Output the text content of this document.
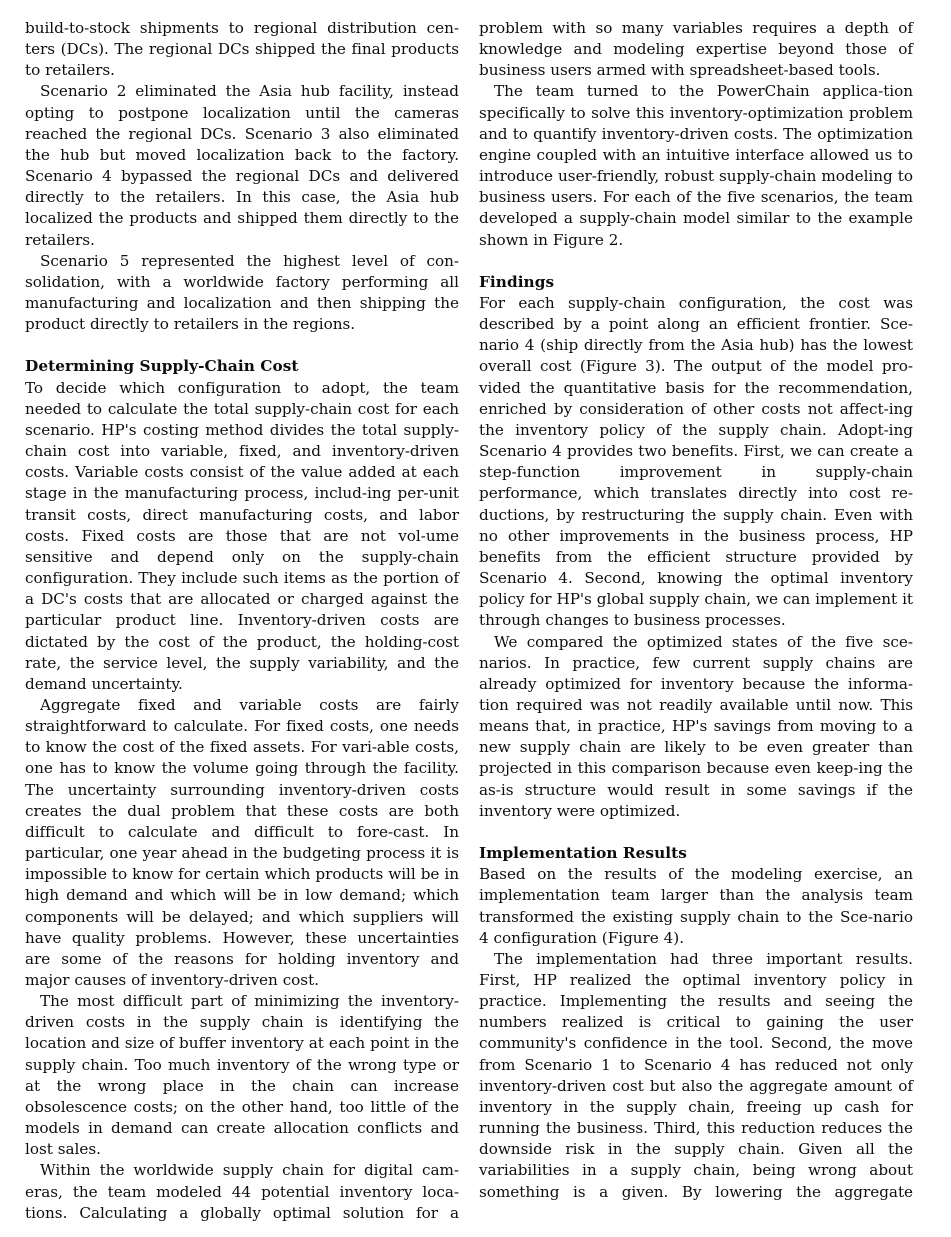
build-to-stock shipments to regional distribution cen-ters (DCs). The regional DCs shipped the final products to retailers.

Scenario 2 eliminated the Asia hub facility, instead opting to postpone localization until the cameras reached the regional DCs. Scenario 3 also eliminated the hub but moved localization back to the factory. Scenario 4 bypassed the regional DCs and delivered directly to the retailers. In this case, the Asia hub localized the products and shipped them directly to the retailers.

Scenario 5 represented the highest level of con-solidation, with a worldwide factory performing all manufacturing and localization and then shipping the product directly to retailers in the regions.

Determining Supply-Chain Cost

To decide which configuration to adopt, the team needed to calculate the total supply-chain cost for each scenario. HP's costing method divides the total supply-chain cost into variable, fixed, and inventory-driven costs. Variable costs consist of the value added at each stage in the manufacturing process, includ-ing per-unit transit costs, direct manufacturing costs, and labor costs. Fixed costs are those that are not vol-ume sensitive and depend only on the supply-chain configuration. They include such items as the portion of a DC's costs that are allocated or charged against the particular product line. Inventory-driven costs are dictated by the cost of the product, the holding-cost rate, the service level, the supply variability, and the demand uncertainty.

Aggregate fixed and variable costs are fairly straightforward to calculate. For fixed costs, one needs to know the cost of the fixed assets. For vari-able costs, one has to know the volume going through the facility. The uncertainty surrounding inventory-driven costs creates the dual problem that these costs are both difficult to calculate and difficult to fore-cast. In particular, one year ahead in the budgeting process it is impossible to know for certain which products will be in high demand and which will be in low demand; which components will be delayed; and which suppliers will have quality problems. However, these uncertainties are some of the reasons for holding inventory and major causes of inventory-driven cost.

The most difficult part of minimizing the inventory-driven costs in the supply chain is identifying the location and size of buffer inventory at each point in the supply chain. Too much inventory of the wrong type or at the wrong place in the chain can increase obsolescence costs; on the other hand, too little of the models in demand can create allocation conflicts and lost sales.

Within the worldwide supply chain for digital cam-eras, the team modeled 44 potential inventory loca-tions. Calculating a globally optimal solution for a

problem with so many variables requires a depth of knowledge and modeling expertise beyond those of business users armed with spreadsheet-based tools.

The team turned to the PowerChain applica-tion specifically to solve this inventory-optimization problem and to quantify inventory-driven costs. The optimization engine coupled with an intuitive interface allowed us to introduce user-friendly, robust supply-chain modeling to business users. For each of the five scenarios, the team developed a supply-chain model similar to the example shown in Figure 2.

Findings

For each supply-chain configuration, the cost was described by a point along an efficient frontier. Sce-nario 4 (ship directly from the Asia hub) has the lowest overall cost (Figure 3). The output of the model pro-vided the quantitative basis for the recommendation, enriched by consideration of other costs not affect-ing the inventory policy of the supply chain. Adopt-ing Scenario 4 provides two benefits. First, we can create a step-function improvement in supply-chain performance, which translates directly into cost re-ductions, by restructuring the supply chain. Even with no other improvements in the business process, HP benefits from the efficient structure provided by Scenario 4. Second, knowing the optimal inventory policy for HP's global supply chain, we can implement it through changes to business processes.

We compared the optimized states of the five sce-narios. In practice, few current supply chains are already optimized for inventory because the informa-tion required was not readily available until now. This means that, in practice, HP's savings from moving to a new supply chain are likely to be even greater than projected in this comparison because even keep-ing the as-is structure would result in some savings if the inventory were optimized.

Implementation Results

Based on the results of the modeling exercise, an implementation team larger than the analysis team transformed the existing supply chain to the Sce-nario 4 configuration (Figure 4).

The implementation had three important results. First, HP realized the optimal inventory policy in practice. Implementing the results and seeing the numbers realized is critical to gaining the user community's confidence in the tool. Second, the move from Scenario 1 to Scenario 4 has reduced not only inventory-driven cost but also the aggregate amount of inventory in the supply chain, freeing up cash for running the business. Third, this reduction reduces the downside risk in the supply chain. Given all the variabilities in a supply chain, being wrong about something is a given. By lowering the aggregate
